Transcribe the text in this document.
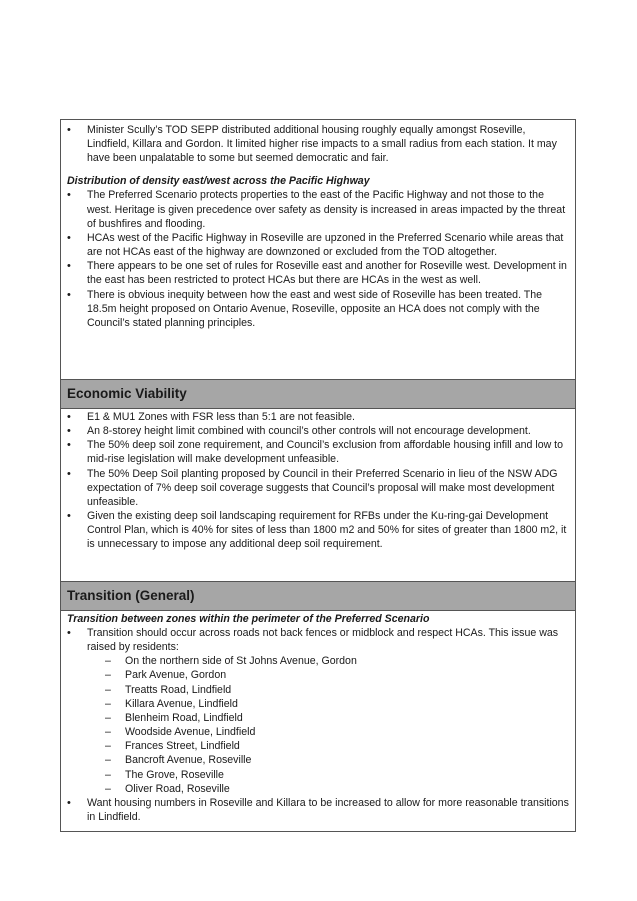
• Minister Scully’s TOD SEPP distributed additional housing roughly equally amongst Roseville, Lindfield, Killara and Gordon. It limited higher rise impacts to a small radius from each station. It may have been unpalatable to some but seemed democratic and fair.
Distribution of density east/west across the Pacific Highway
• The Preferred Scenario protects properties to the east of the Pacific Highway and not those to the west. Heritage is given precedence over safety as density is increased in areas impacted by the threat of bushfires and flooding.
• HCAs west of the Pacific Highway in Roseville are upzoned in the Preferred Scenario while areas that are not HCAs east of the highway are downzoned or excluded from the TOD altogether.
• There appears to be one set of rules for Roseville east and another for Roseville west. Development in the east has been restricted to protect HCAs but there are HCAs in the west as well.
• There is obvious inequity between how the east and west side of Roseville has been treated. The 18.5m height proposed on Ontario Avenue, Roseville, opposite an HCA does not comply with the Council’s stated planning principles.
Economic Viability
• E1 & MU1 Zones with FSR less than 5:1 are not feasible.
• An 8-storey height limit combined with council’s other controls will not encourage development.
• The 50% deep soil zone requirement, and Council’s exclusion from affordable housing infill and low to mid-rise legislation will make development unfeasible.
• The 50% Deep Soil planting proposed by Council in their Preferred Scenario in lieu of the NSW ADG expectation of 7% deep soil coverage suggests that Council’s proposal will make most development unfeasible.
• Given the existing deep soil landscaping requirement for RFBs under the Ku-ring-gai Development Control Plan, which is 40% for sites of less than 1800 m2 and 50% for sites of greater than 1800 m2, it is unnecessary to impose any additional deep soil requirement.
Transition (General)
Transition between zones within the perimeter of the Preferred Scenario
• Transition should occur across roads not back fences or midblock and respect HCAs. This issue was raised by residents:
– On the northern side of St Johns Avenue, Gordon
– Park Avenue, Gordon
– Treatts Road, Lindfield
– Killara Avenue, Lindfield
– Blenheim Road, Lindfield
– Woodside Avenue, Lindfield
– Frances Street, Lindfield
– Bancroft Avenue, Roseville
– The Grove, Roseville
– Oliver Road, Roseville
• Want housing numbers in Roseville and Killara to be increased to allow for more reasonable transitions in Lindfield.
